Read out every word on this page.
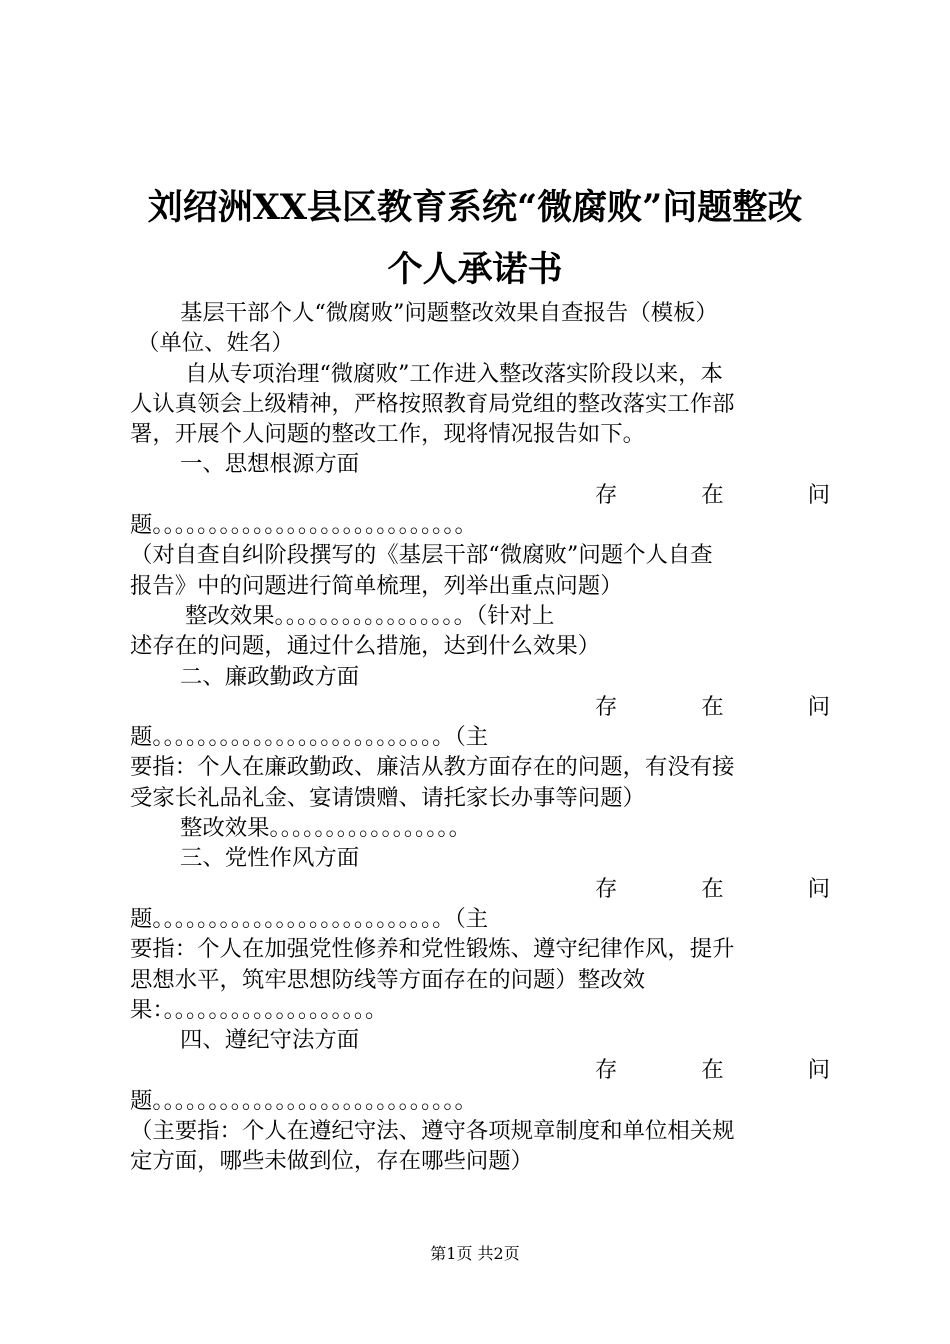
刘绍洲XX县区教育系统“微腐败”问题整改
个人承诺书
基层干部个人“微腐败”问题整改效果自查报告（模板）
（单位、姓名）
自从专项治理“微腐败”工作进入整改落实阶段以来，本
人认真领会上级精神，严格按照教育局党组的整改落实工作部
署，开展个人问题的整改工作，现将情况报告如下。
一、思想根源方面
存	在	问
题。。。。。。。。。。。。。。。。。。。。。。。。。。。。
（对自查自纠阶段撰写的《基层干部“微腐败”问题个人自查
报告》中的问题进行简单梳理，列举出重点问题）
整改效果。。。。。。。。。。。。。。。。。（针对上
述存在的问题，通过什么措施，达到什么效果）
二、廉政勤政方面
存	在	问
题。。。。。。。。。。。。。。。。。。。。。。。。。。（主
要指：个人在廉政勤政、廉洁从教方面存在的问题，有没有接
受家长礼品礼金、宴请馈赠、请托家长办事等问题）
整改效果。。。。。。。。。。。。。。。。。
三、党性作风方面
存	在	问
题。。。。。。。。。。。。。。。。。。。。。。。。。。（主
要指：个人在加强党性修养和党性锻炼、遵守纪律作风，提升
思想水平，筑牢思想防线等方面存在的问题）整改效
果：。。。。。。。。。。。。。。。。。。。
四、遵纪守法方面
存	在	问
题。。。。。。。。。。。。。。。。。。。。。。。。。。。。
（主要指：个人在遵纪守法、遵守各项规章制度和单位相关规
定方面，哪些未做到位，存在哪些问题）
第1页 共2页
